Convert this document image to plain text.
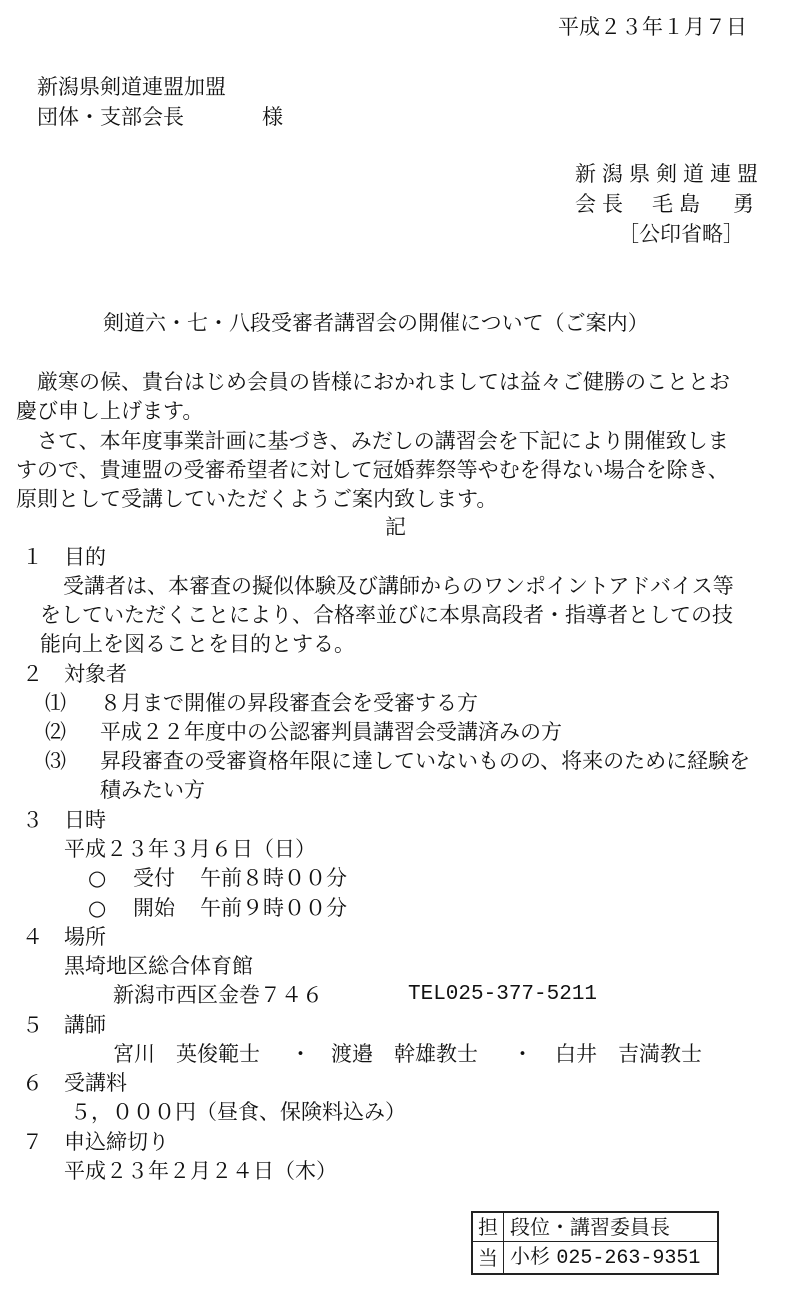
平成２３年１月７日
新潟県剣道連盟加盟
団体・支部会長	様
新潟県剣道連盟
会長 毛島　勇
［公印省略］
剣道六・七・八段受審者講習会の開催について（ご案内）
厳寒の候、貴台はじめ会員の皆様におかれましては益々ご健勝のこととお
慶び申し上げます。
さて、本年度事業計画に基づき、みだしの講習会を下記により開催致しま
すので、貴連盟の受審希望者に対して冠婚葬祭等やむを得ない場合を除き、
原則として受講していただくようご案内致します。
記
１ 目的
受講者は、本審査の擬似体験及び講師からのワンポイントアドバイス等
をしていただくことにより、合格率並びに本県高段者・指導者としての技
能向上を図ることを目的とする。
２ 対象者
⑴ ８月まで開催の昇段審査会を受審する方
⑵ 平成２２年度中の公認審判員講習会受講済みの方
⑶ 昇段審査の受審資格年限に達していないものの、将来のために経験を
積みたい方
３ 日時
平成２３年３月６日（日）
○ 受付 午前８時００分
○ 開始 午前９時００分
４ 場所
黒埼地区総合体育館
新潟市西区金巻７４６	TEL025-377-5211
５ 講師
宮川　英俊範士 ・ 渡邉　幹雄教士 ・ 白井　吉満教士
６ 受講料
５，０００円（昼食、保険料込み）
７ 申込締切り
平成２３年２月２４日（木）
担	段位・講習委員長
当	小杉 025-263-9351
